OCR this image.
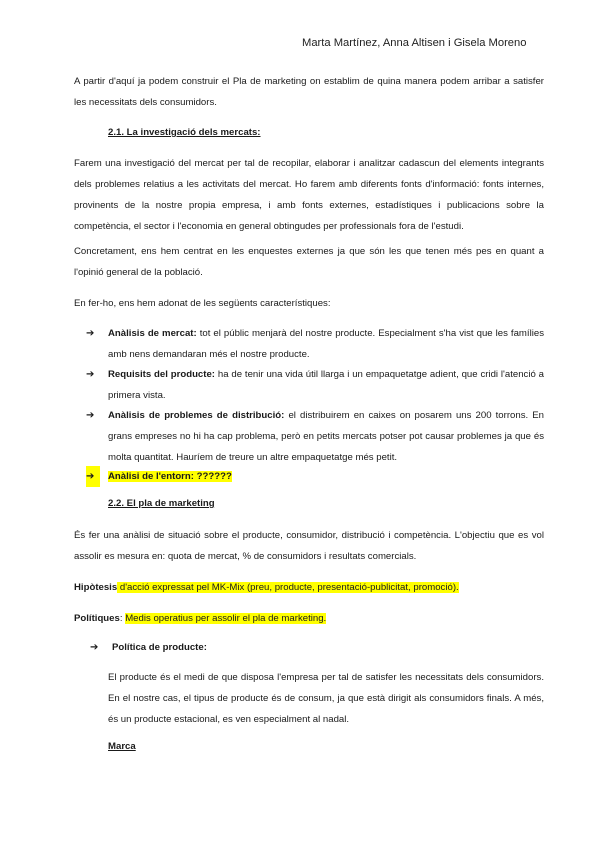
Marta Martínez, Anna Altisen i Gisela Moreno
A partir d'aquí ja podem construir el Pla de marketing on establim de quina manera podem arribar a satisfer les necessitats dels consumidors.
2.1. La investigació dels mercats:
Farem una investigació del mercat per tal de recopilar, elaborar i analitzar cadascun del elements integrants dels problemes relatius a les activitats del mercat. Ho farem amb diferents fonts d'informació: fonts internes, provinents de la nostre propia empresa, i amb fonts externes, estadístiques i publicacions sobre la competència, el sector i l'economia en general obtingudes per professionals fora de l'estudi.
Concretament, ens hem centrat en les enquestes externes ja que són les que tenen més pes en quant a l'opinió general de la població.
En fer-ho, ens hem adonat de les següents característiques:
➔	Anàlisis de mercat: tot el públic menjarà del nostre producte. Especialment s'ha vist que les famílies amb nens demandaran més el nostre producte.
➔	Requisits del producte: ha de tenir una vida útil llarga i un empaquetatge adient, que cridi l'atenció a primera vista.
➔	Anàlisis de problemes de distribució: el distribuirem en caixes on posarem uns 200 torrons. En grans empreses no hi ha cap problema, però en petits mercats potser pot causar problemes ja que és molta quantitat. Hauríem de treure un altre empaquetatge més petit.
➔	Anàlisi de l'entorn: ??????
2.2. El pla de marketing
És fer una anàlisi de situació sobre el producte, consumidor, distribució i competència. L'objectiu que es vol assolir es mesura en: quota de mercat, % de consumidors i resultats comercials.
Hipòtesis d'acció expressat pel MK-Mix (preu, producte, presentació-publicitat, promoció).
Polítiques: Medis operatius per assolir el pla de marketing.
➔	Política de producte:
El producte és el medi de que disposa l'empresa per tal de satisfer les necessitats dels consumidors. En el nostre cas, el tipus de producte és de consum, ja que està dirigit als consumidors finals. A més, és un producte estacional, es ven especialment al nadal.
Marca
